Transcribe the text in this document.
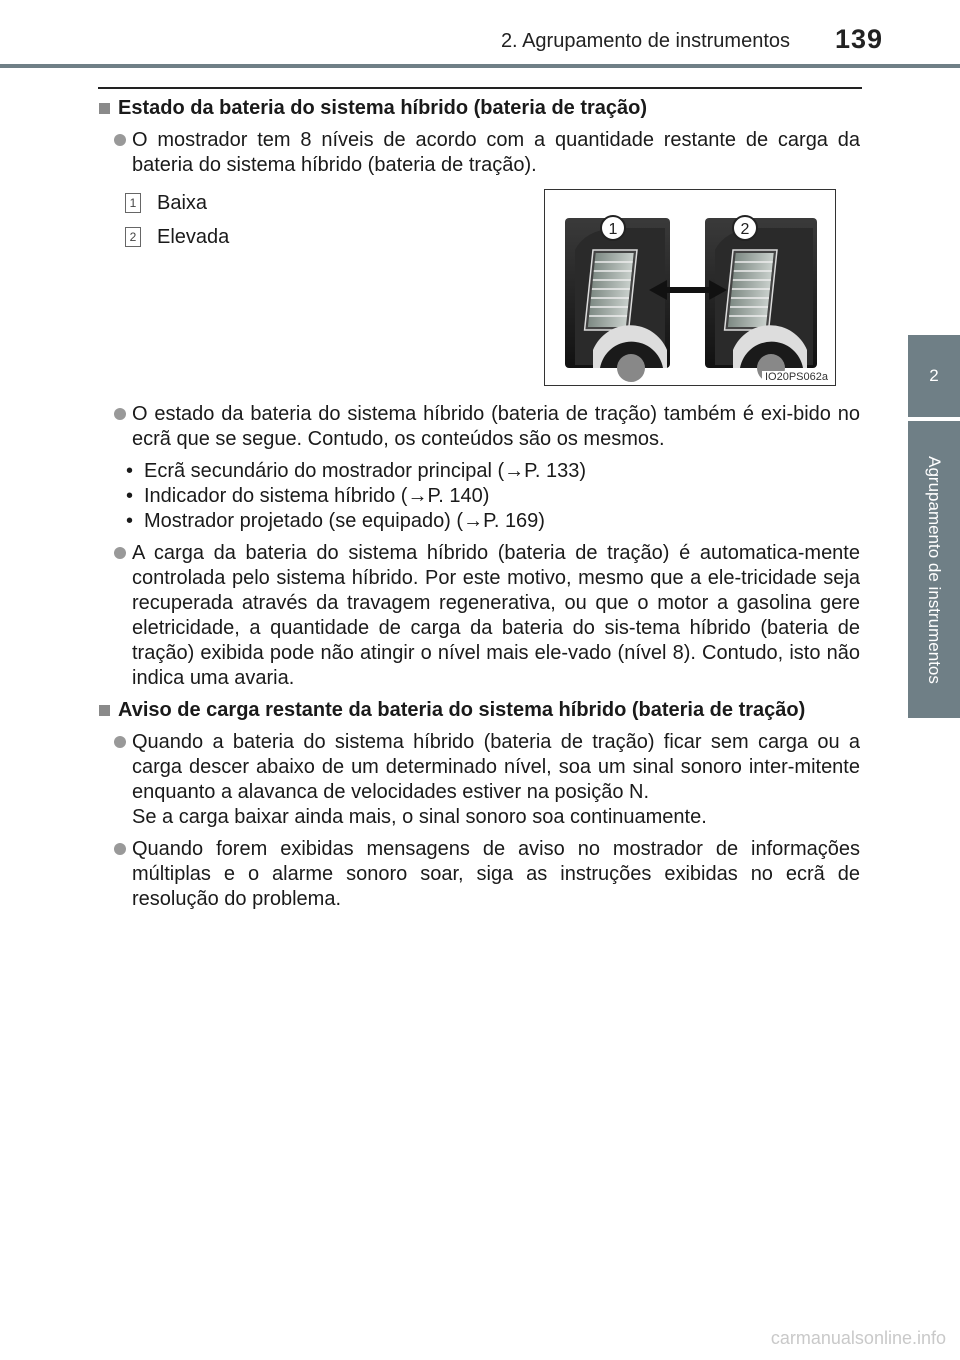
2. Agrupamento de instrumentos 139
2
Agrupamento de instrumentos
Estado da bateria do sistema híbrido (bateria de tração)
O mostrador tem 8 níveis de acordo com a quantidade restante de carga da bateria do sistema híbrido (bateria de tração).
O estado da bateria do sistema híbrido (bateria de tração) também é exi-bido no ecrã que se segue. Contudo, os conteúdos são os mesmos.
• Ecrã secundário do mostrador principal (→P. 133)
• Indicador do sistema híbrido (→P. 140)
• Mostrador projetado (se equipado) (→P. 169)
A carga da bateria do sistema híbrido (bateria de tração) é automatica-mente controlada pelo sistema híbrido. Por este motivo, mesmo que a ele-tricidade seja recuperada através da travagem regenerativa, ou que o motor a gasolina gere eletricidade, a quantidade de carga da bateria do sis-tema híbrido (bateria de tração) exibida pode não atingir o nível mais ele-vado (nível 8). Contudo, isto não indica uma avaria.
Aviso de carga restante da bateria do sistema híbrido (bateria de tração)
Quando a bateria do sistema híbrido (bateria de tração) ficar sem carga ou a carga descer abaixo de um determinado nível, soa um sinal sonoro inter-mitente enquanto a alavanca de velocidades estiver na posição N.
Se a carga baixar ainda mais, o sinal sonoro soa continuamente.
Quando forem exibidas mensagens de aviso no mostrador de informações múltiplas e o alarme sonoro soar, siga as instruções exibidas no ecrã de resolução do problema.
1 Baixa
2 Elevada	1	2
IO20PS062a
carmanualsonline.info
